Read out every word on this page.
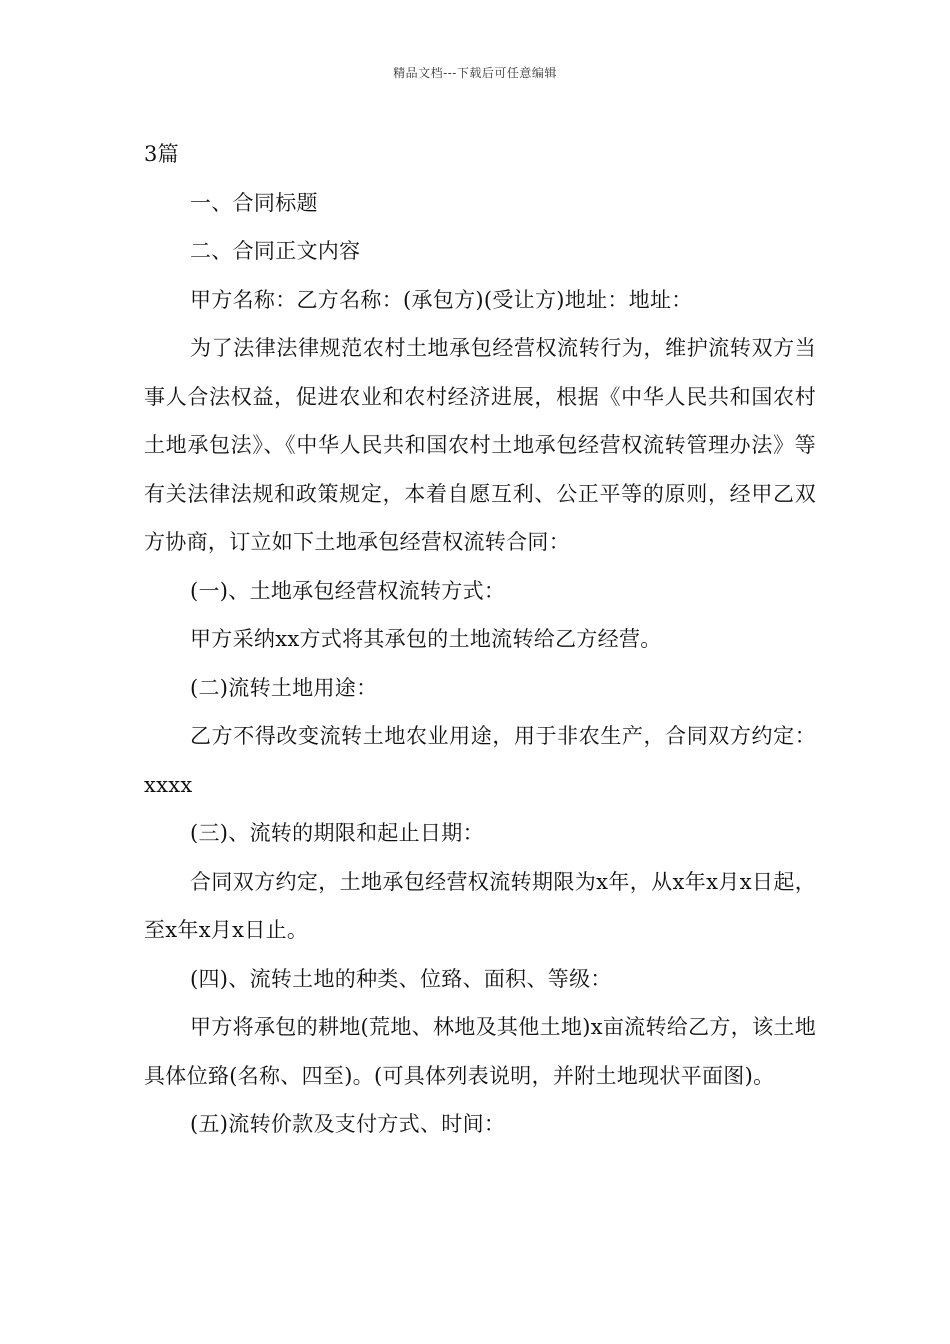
精品文档---下载后可任意编辑

3篇

一、合同标题

二、合同正文内容

甲方名称：乙方名称：(承包方)(受让方)地址：地址：

为了法律法律规范农村土地承包经营权流转行为，维护流转双方当事人合法权益，促进农业和农村经济进展，根据《中华人民共和国农村土地承包法》、《中华人民共和国农村土地承包经营权流转管理办法》等有关法律法规和政策规定，本着自愿互利、公正平等的原则，经甲乙双方协商，订立如下土地承包经营权流转合同：

(一)、土地承包经营权流转方式：

甲方采纳xx方式将其承包的土地流转给乙方经营。

(二)流转土地用途：

乙方不得改变流转土地农业用途，用于非农生产，合同双方约定：xxxx

(三)、流转的期限和起止日期：

合同双方约定，土地承包经营权流转期限为x年，从x年x月x日起，至x年x月x日止。

(四)、流转土地的种类、位臵、面积、等级：

甲方将承包的耕地(荒地、林地及其他土地)x亩流转给乙方，该土地具体位臵(名称、四至)。(可具体列表说明，并附土地现状平面图)。

(五)流转价款及支付方式、时间：
